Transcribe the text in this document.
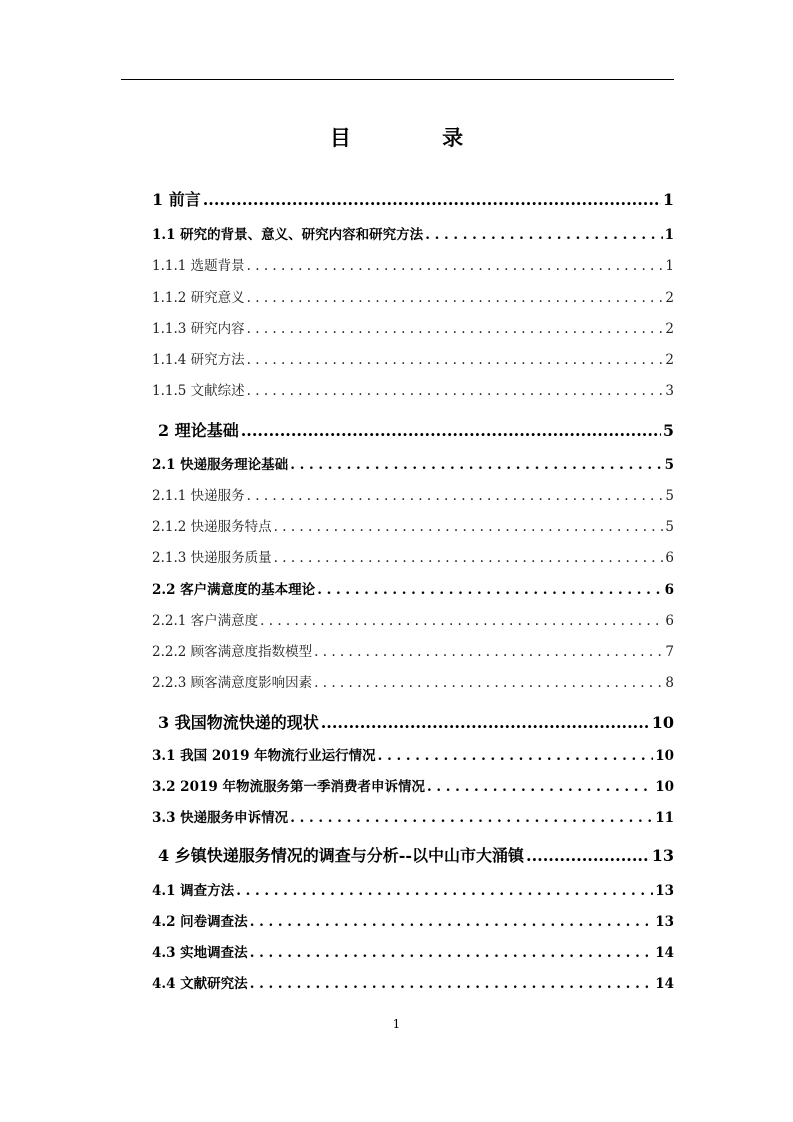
目 录
1 前言 .....	1
1.1 研究的背景、意义、研究内容和研究方法 . . .	1
1.1.1 选题背景 . . .	1
1.1.2 研究意义 . . .	2
1.1.3 研究内容 . . .	2
1.1.4 研究方法 . . .	2
1.1.5 文献综述 . . .	3
2 理论基础 .....	5
2.1 快递服务理论基础 . . .	5
2.1.1 快递服务 . . .	5
2.1.2 快递服务特点 . . .	5
2.1.3 快递服务质量 . . .	6
2.2 客户满意度的基本理论 . . .	6
2.2.1 客户满意度 . . .	6
2.2.2 顾客满意度指数模型 . . .	7
2.2.3 顾客满意度影响因素 . . .	8
3 我国物流快递的现状 .....	10
3.1 我国 2019 年物流行业运行情况 . . .	10
3.2 2019 年物流服务第一季消费者申诉情况 . . .	10
3.3 快递服务申诉情况 . . .	11
4 乡镇快递服务情况的调查与分析--以中山市大涌镇 .....	13
4.1 调查方法 . . .	13
4.2 问卷调查法 . . .	13
4.3 实地调查法 . . .	14
4.4 文献研究法 . . .	14
1
